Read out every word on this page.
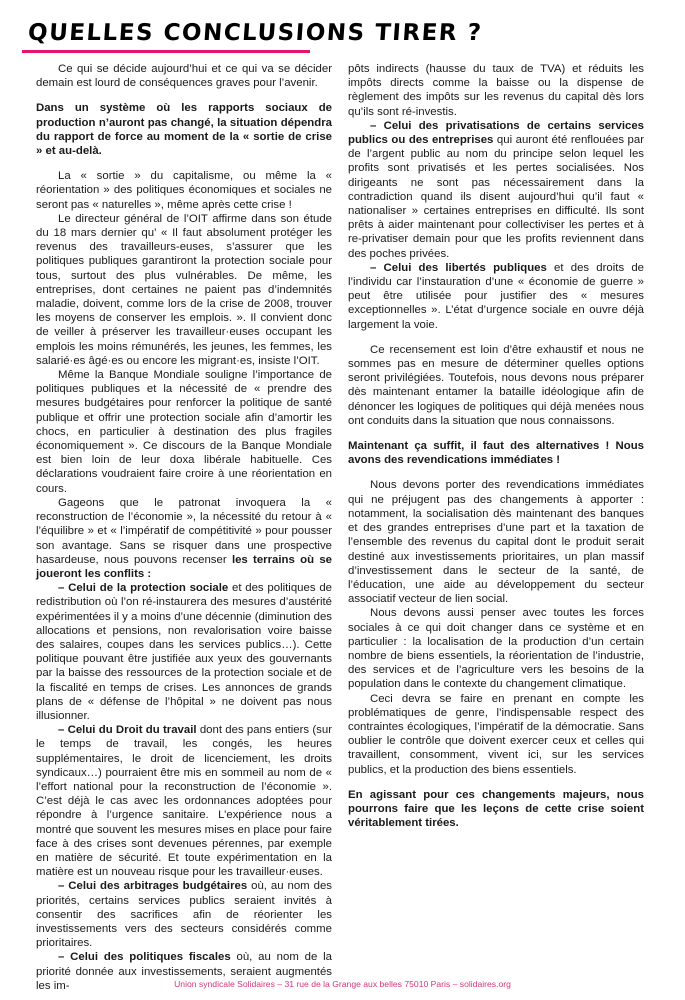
QUELLES CONCLUSIONS TIRER ?

Ce qui se décide aujourd’hui et ce qui va se décider demain est lourd de conséquences graves pour l’avenir.

Dans un système où les rapports sociaux de production n’auront pas changé, la situation dépendra du rapport de force au moment de la « sortie de crise » et au-delà.

La « sortie » du capitalisme, ou même la « réorientation » des politiques économiques et sociales ne seront pas « naturelles », même après cette crise !

Le directeur général de l’OIT affirme dans son étude du 18 mars dernier qu’ « Il faut absolument protéger les revenus des travailleurs-euses, s’assurer que les politiques publiques garantiront la protection sociale pour tous, surtout des plus vulnérables. De même, les entreprises, dont certaines ne paient pas d’indemnités maladie, doivent, comme lors de la crise de 2008, trouver les moyens de conserver les emplois. ». Il convient donc de veiller à préserver les travailleur·euses occupant les emplois les moins rémunérés, les jeunes, les femmes, les salarié·es âgé·es ou encore les migrant·es, insiste l’OIT.

Même la Banque Mondiale souligne l’importance de politiques publiques et la nécessité de « prendre des mesures budgétaires pour renforcer la politique de santé publique et offrir une protection sociale afin d’amortir les chocs, en particulier à destination des plus fragiles économiquement ». Ce discours de la Banque Mondiale est bien loin de leur doxa libérale habituelle. Ces déclarations voudraient faire croire à une réorientation en cours.

Gageons que le patronat invoquera la « reconstruction de l’économie », la nécessité du retour à « l’équilibre » et « l’impératif de compétitivité » pour pousser son avantage. Sans se risquer dans une prospective hasardeuse, nous pouvons recenser les terrains où se joueront les conflits :

– Celui de la protection sociale et des politiques de redistribution où l’on ré-instaurera des mesures d’austérité expérimentées il y a moins d’une décennie (diminution des allocations et pensions, non revalorisation voire baisse des salaires, coupes dans les services publics…). Cette politique pouvant être justifiée aux yeux des gouvernants par la baisse des ressources de la protection sociale et de la fiscalité en temps de crises. Les annonces de grands plans de « défense de l’hôpital » ne doivent pas nous illusionner.

– Celui du Droit du travail dont des pans entiers (sur le temps de travail, les congés, les heures supplémentaires, le droit de licenciement, les droits syndicaux…) pourraient être mis en sommeil au nom de « l’effort national pour la reconstruction de l’économie ». C’est déjà le cas avec les ordonnances adoptées pour répondre à l’urgence sanitaire. L’expérience nous a montré que souvent les mesures mises en place pour faire face à des crises sont devenues pérennes, par exemple en matière de sécurité. Et toute expérimentation en la matière est un nouveau risque pour les travailleur·euses.

– Celui des arbitrages budgétaires où, au nom des priorités, certains services publics seraient invités à consentir des sacrifices afin de réorienter les investissements vers des secteurs considérés comme prioritaires.

– Celui des politiques fiscales où, au nom de la priorité donnée aux investissements, seraient augmentés les im-

pôts indirects (hausse du taux de TVA) et réduits les impôts directs comme la baisse ou la dispense de règlement des impôts sur les revenus du capital dès lors qu’ils sont ré-investis.

– Celui des privatisations de certains services publics ou des entreprises qui auront été renflouées par de l’argent public au nom du principe selon lequel les profits sont privatisés et les pertes socialisées. Nos dirigeants ne sont pas nécessairement dans la contradiction quand ils disent aujourd’hui qu’il faut « nationaliser » certaines entreprises en difficulté. Ils sont prêts à aider maintenant pour collectiviser les pertes et à re-privatiser demain pour que les profits reviennent dans des poches privées.

– Celui des libertés publiques et des droits de l’individu car l’instauration d’une « économie de guerre » peut être utilisée pour justifier des « mesures exceptionnelles ». L’état d’urgence sociale en ouvre déjà largement la voie.

Ce recensement est loin d’être exhaustif et nous ne sommes pas en mesure de déterminer quelles options seront privilégiées. Toutefois, nous devons nous préparer dès maintenant entamer la bataille idéologique afin de dénoncer les logiques de politiques qui déjà menées nous ont conduits dans la situation que nous connaissons.

Maintenant ça suffit, il faut des alternatives ! Nous avons des revendications immédiates !

Nous devons porter des revendications immédiates qui ne préjugent pas des changements à apporter : notamment, la socialisation dès maintenant des banques et des grandes entreprises d’une part et la taxation de l’ensemble des revenus du capital dont le produit serait destiné aux investissements prioritaires, un plan massif d’investissement dans le secteur de la santé, de l’éducation, une aide au développement du secteur associatif vecteur de lien social.

Nous devons aussi penser avec toutes les forces sociales à ce qui doit changer dans ce système et en particulier : la localisation de la production d’un certain nombre de biens essentiels, la réorientation de l’industrie, des services et de l’agriculture vers les besoins de la population dans le contexte du changement climatique.

Ceci devra se faire en prenant en compte les problématiques de genre, l’indispensable respect des contraintes écologiques, l’impératif de la démocratie. Sans oublier le contrôle que doivent exercer ceux et celles qui travaillent, consomment, vivent ici, sur les services publics, et la production des biens essentiels.

En agissant pour ces changements majeurs, nous pourrons faire que les leçons de cette crise soient véritablement tirées.

Union syndicale Solidaires – 31 rue de la Grange aux belles 75010 Paris – solidaires.org
